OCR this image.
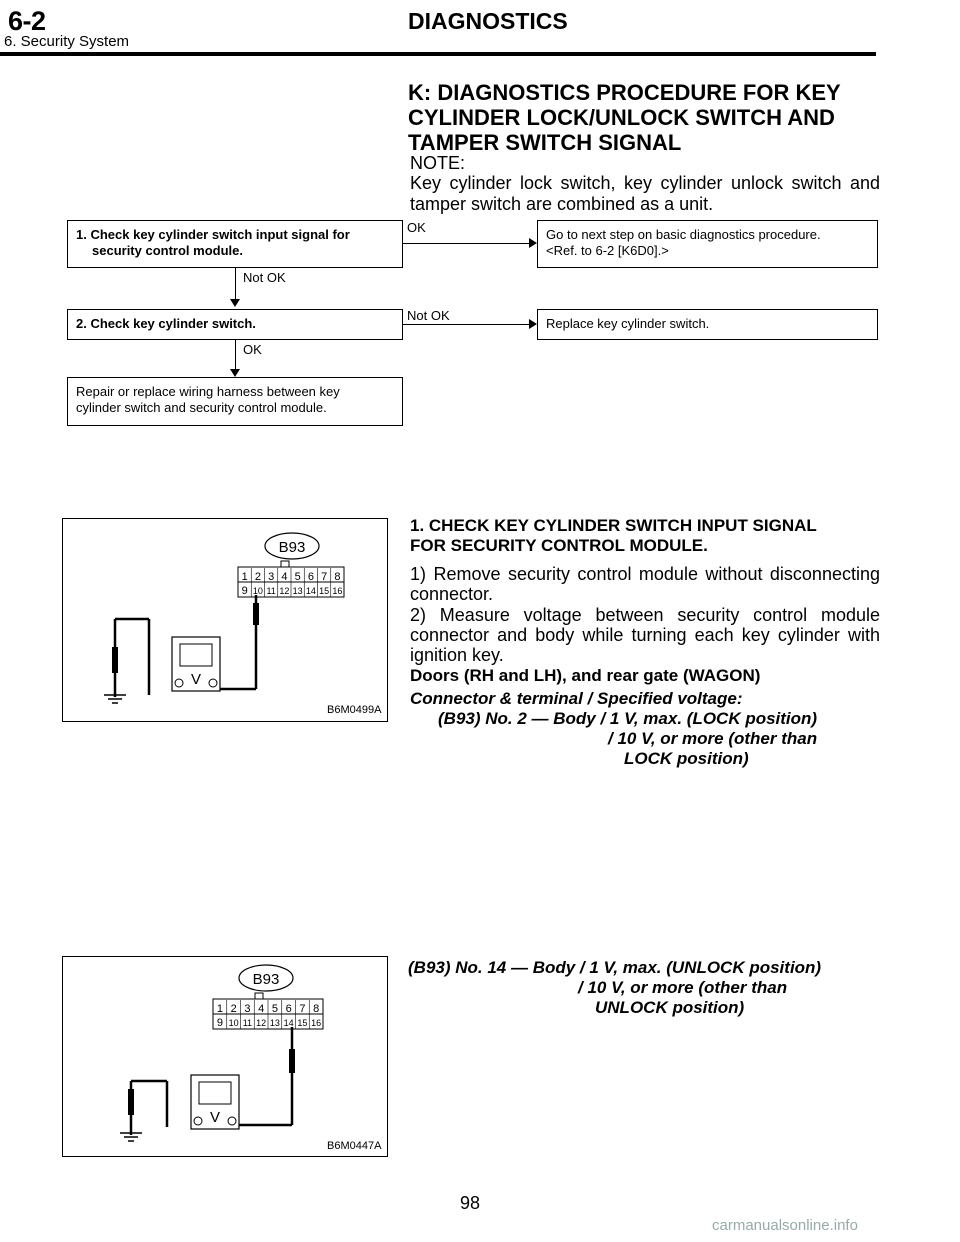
6-2	DIAGNOSTICS
6. Security System
K: DIAGNOSTICS PROCEDURE FOR KEY
CYLINDER LOCK/UNLOCK SWITCH AND
TAMPER SWITCH SIGNAL
NOTE:
Key cylinder lock switch, key cylinder unlock switch and tamper switch are combined as a unit.
1. Check key cylinder switch input signal for
security control module.
OK	Go to next step on basic diagnostics procedure.
<Ref. to 6-2 [K6D0].>
Not OK
2. Check key cylinder switch.
Not OK
Replace key cylinder switch.
OK
Repair or replace wiring harness between key
cylinder switch and security control module.
1. CHECK KEY CYLINDER SWITCH INPUT SIGNAL
FOR SECURITY CONTROL MODULE.
1) Remove security control module without disconnecting connector.
2) Measure voltage between security control module connector and body while turning each key cylinder with ignition key.
Doors (RH and LH), and rear gate (WAGON)
Connector & terminal / Specified voltage:
(B93) No. 2 — Body / 1 V, max. (LOCK position)
/ 10 V, or more (other than
LOCK position)
(B93) No. 14 — Body / 1 V, max. (UNLOCK position)
/ 10 V, or more (other than
UNLOCK position)
B93
1 2 3 4 5 6 7 8
9 10 11 12 13 14 15 16
V
B6M0499A
B93
1 2 3 4 5 6 7 8
9 10 11 12 13 14 15 16
V
B6M0447A
98
carmanualsonline.info
